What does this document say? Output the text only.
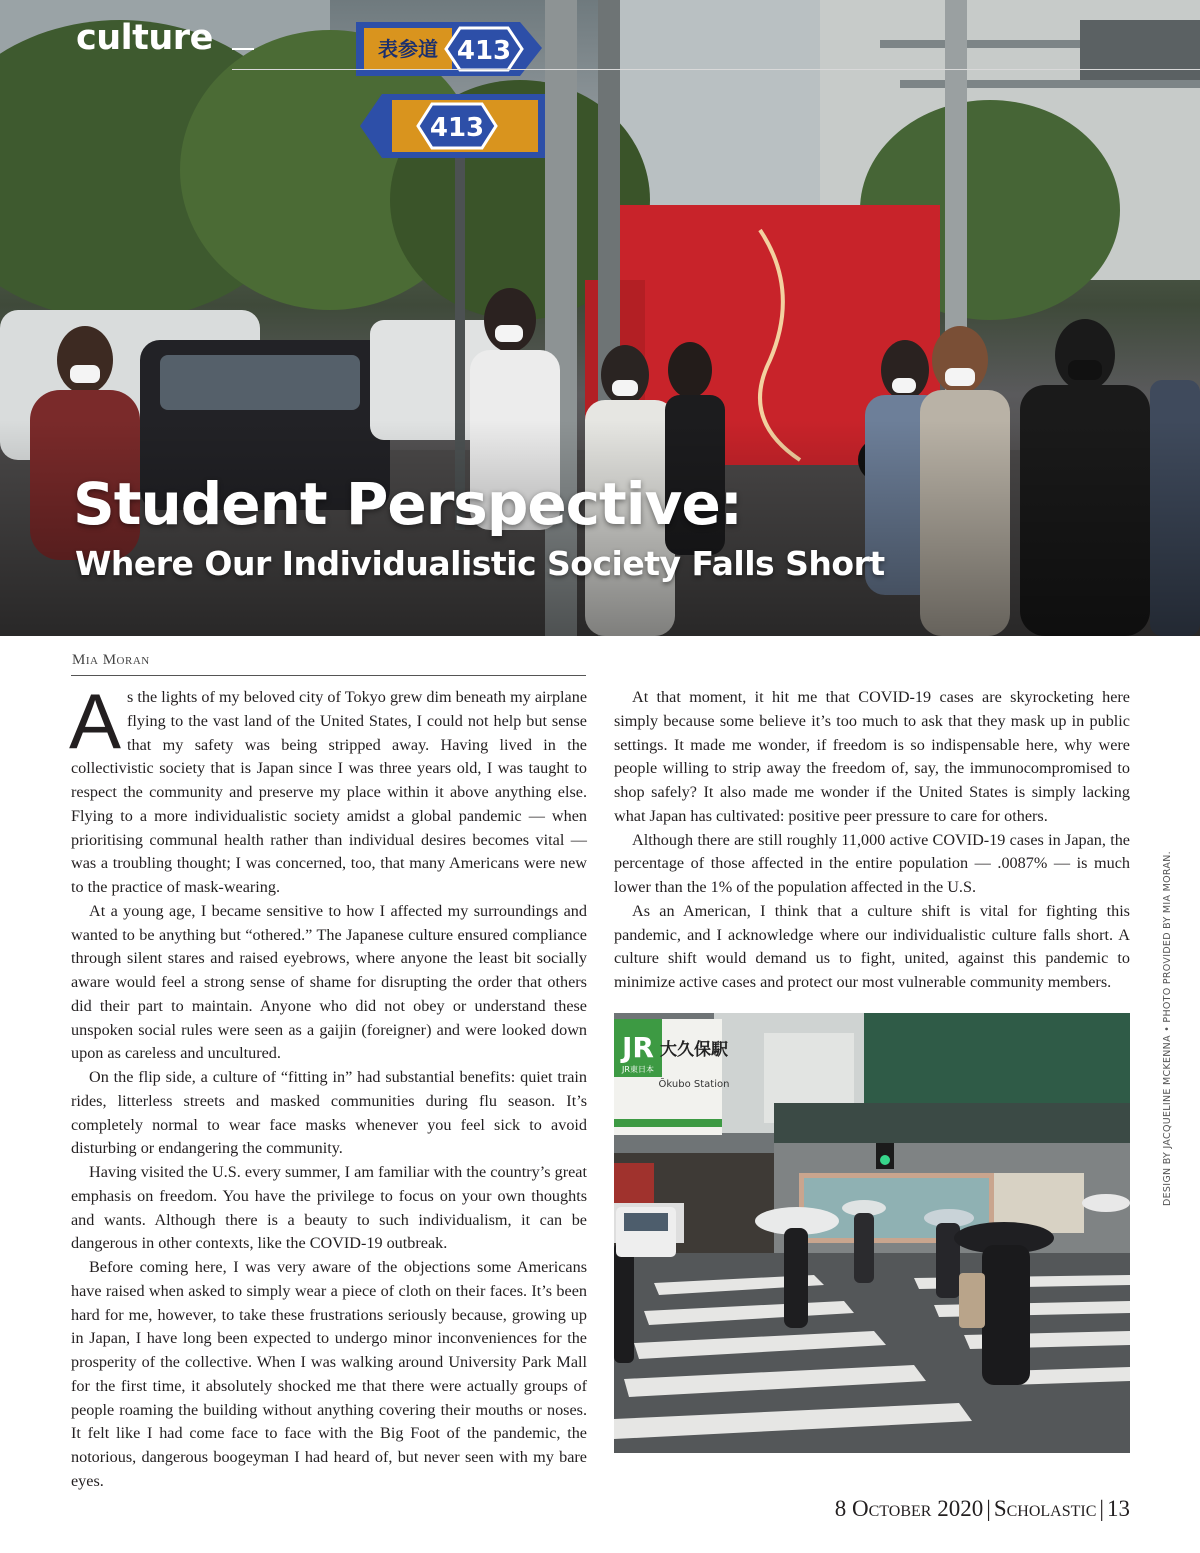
表参道 413
413
culture
Student Perspective:
Where Our Individualistic Society Falls Short
Mia Moran

As the lights of my beloved city of Tokyo grew dim beneath my airplane flying to the vast land of the United States, I could not help but sense that my safety was being stripped away. Having lived in the collectivistic society that is Japan since I was three years old, I was taught to respect the community and preserve my place within it above anything else. Flying to a more individualistic society amidst a global pandemic — when prioritising communal health rather than individual desires becomes vital — was a troubling thought; I was concerned, too, that many Americans were new to the practice of mask-wearing.

At a young age, I became sensitive to how I affected my surroundings and wanted to be anything but “othered.” The Japanese culture ensured compliance through silent stares and raised eyebrows, where anyone the least bit socially aware would feel a strong sense of shame for disrupting the order that others did their part to maintain. Anyone who did not obey or understand these unspoken social rules were seen as a gaijin (foreigner) and were looked down upon as careless and uncultured.

On the flip side, a culture of “fitting in” had substantial benefits: quiet train rides, litterless streets and masked communities during flu season. It’s completely normal to wear face masks whenever you feel sick to avoid disturbing or endangering the community.

Having visited the U.S. every summer, I am familiar with the country’s great emphasis on freedom. You have the privilege to focus on your own thoughts and wants. Although there is a beauty to such individualism, it can be dangerous in other contexts, like the COVID-19 outbreak.

Before coming here, I was very aware of the objections some Americans have raised when asked to simply wear a piece of cloth on their faces. It’s been hard for me, however, to take these frustrations seriously because, growing up in Japan, I have long been expected to undergo minor inconveniences for the prosperity of the collective. When I was walking around University Park Mall for the first time, it absolutely shocked me that there were actually groups of people roaming the building without anything covering their mouths or noses. It felt like I had come face to face with the Big Foot of the pandemic, the notorious, dangerous boogeyman I had heard of, but never seen with my bare eyes.

At that moment, it hit me that COVID-19 cases are skyrocketing here simply because some believe it’s too much to ask that they mask up in public settings. It made me wonder, if freedom is so indispensable here, why were people willing to strip away the freedom of, say, the immunocompromised to shop safely? It also made me wonder if the United States is simply lacking what Japan has cultivated: positive peer pressure to care for others.

Although there are still roughly 11,000 active COVID-19 cases in Japan, the percentage of those affected in the entire population — .0087% — is much lower than the 1% of the population affected in the U.S.

As an American, I think that a culture shift is vital for fighting this pandemic, and I acknowledge where our individualistic culture falls short. A culture shift would demand us to fight, united, against this pandemic to minimize active cases and protect our most vulnerable community members.

JR
JR東日本
大久保駅
Ōkubo Station	DESIGN BY JACQUELINE MCKENNA • PHOTO PROVIDED BY MIA MORAN.
8 October 2020 | Scholastic | 13
